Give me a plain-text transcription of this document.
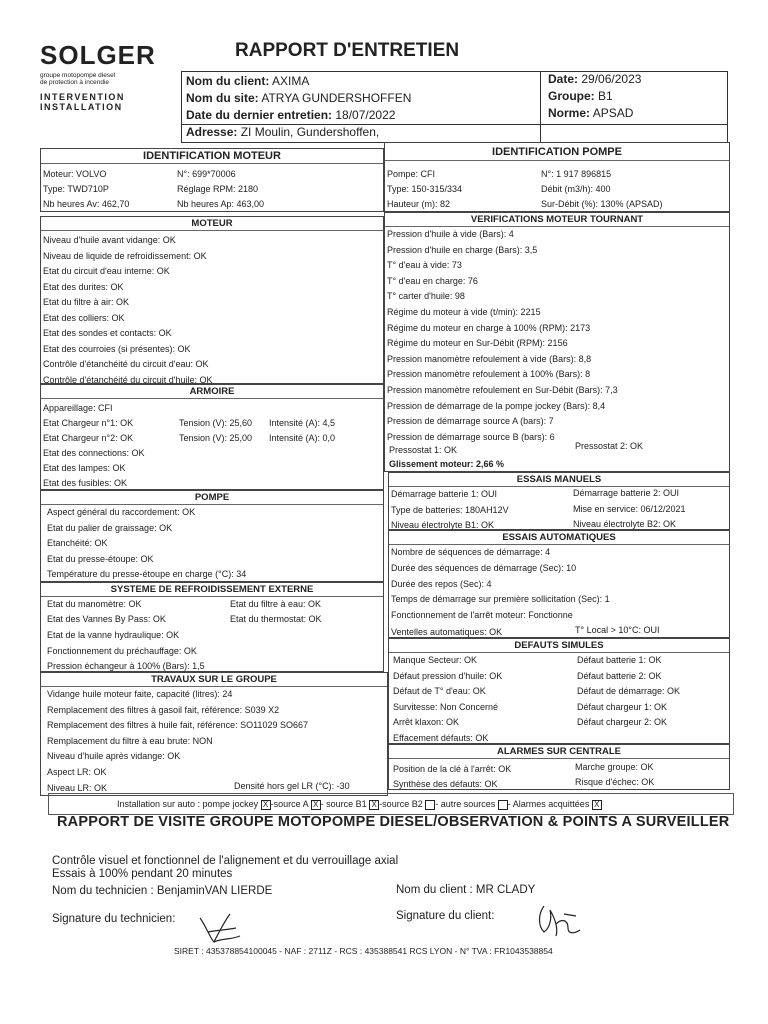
SOLGER
groupe motopompe diesel
de protection à incendie
INTERVENTION
INSTALLATION
RAPPORT D'ENTRETIEN
Nom du client: AXIMA
Nom du site: ATRYA GUNDERSHOFFEN
Date du dernier entretien: 18/07/2022
Adresse: ZI Moulin, Gundershoffen,
Date: 29/06/2023
Groupe: B1
Norme: APSAD
IDENTIFICATION MOTEUR
Moteur: VOLVO	N°: 699*70006
Type: TWD710P	Réglage RPM: 2180
Nb heures Av: 462,70	Nb heures Ap: 463,00
IDENTIFICATION POMPE
Pompe: CFI	N°: 1 917 896815
Type: 150-315/334	Débit (m3/h): 400
Hauteur (m): 82	Sur-Débit (%): 130% (APSAD)
MOTEUR
Niveau d'huile avant vidange: OK
Niveau de liquide de refroidissement: OK
Etat du circuit d'eau interne: OK
Etat des durites: OK
Etat du filtre à air: OK
Etat des colliers: OK
Etat des sondes et contacts: OK
Etat des courroies (si présentes): OK
Contrôle d'étanchéité du circuit d'eau: OK
Contrôle d'étanchéité du circuit d'huile: OK
ARMOIRE
Appareillage: CFI
Etat Chargeur n°1: OK	Tension (V): 25,60 Intensité (A): 4,5
Etat Chargeur n°2: OK	Tension (V): 25,00 Intensité (A): 0,0
Etat des connections: OK
Etat des lampes: OK
Etat des fusibles: OK
POMPE
Aspect général du raccordement: OK
Etat du palier de graissage: OK
Etanchéité: OK
Etat du presse-étoupe: OK
Température du presse-étoupe en charge (°C): 34
SYSTEME DE REFROIDISSEMENT EXTERNE
Etat du manomètre: OK	Etat du filtre à eau: OK
Etat des Vannes By Pass: OK	Etat du thermostat: OK
Etat de la vanne hydraulique: OK
Fonctionnement du préchauffage: OK
Pression échangeur à 100% (Bars): 1,5
TRAVAUX SUR LE GROUPE
Vidange huile moteur faite, capacité (litres): 24
Remplacement des filtres à gasoil fait, référence: S039 X2
Remplacement des filtres à huile fait, référence: SO11029 SO667
Remplacement du filtre à eau brute: NON
Niveau d'huile après vidange: OK
Aspect LR: OK
Niveau LR: OK	Densité hors gel LR (°C): -30
VERIFICATIONS MOTEUR TOURNANT
Pression d'huile à vide (Bars): 4
Pression d'huile en charge (Bars): 3,5
T° d'eau à vide: 73
T° d'eau en charge: 76
T° carter d'huile: 98
Régime du moteur à vide (t/min): 2215
Régime du moteur en charge à 100% (RPM): 2173
Régime du moteur en Sur-Débit (RPM): 2156
Pression manomètre refoulement à vide (Bars): 8,8
Pression manomètre refoulement à 100% (Bars): 8
Pression manomètre refoulement en Sur-Débit (Bars): 7,3
Pression de démarrage de la pompe jockey (Bars): 8,4
Pression de démarrage source A (bars): 7
Pression de démarrage source B (bars): 6
Pressostat 1: OK	Pressostat 2: OK
Glissement moteur: 2,66 %
ESSAIS MANUELS
Démarrage batterie 1: OUI	Démarrage batterie 2: OUI
Type de batteries: 180AH12V	Mise en service: 06/12/2021
Niveau électrolyte B1: OK	Niveau électrolyte B2: OK
ESSAIS AUTOMATIQUES
Nombre de séquences de démarrage: 4
Durée des séquences de démarrage (Sec): 10
Durée des repos (Sec): 4
Temps de démarrage sur première sollicitation (Sec): 1
Fonctionnement de l'arrêt moteur: Fonctionne
Ventelles automatiques: OK	T° Local > 10°C: OUI
DEFAUTS SIMULES
Manque Secteur: OK	Défaut batterie 1: OK
Défaut pression d'huile: OK	Défaut batterie 2: OK
Défaut de T° d'eau: OK	Défaut de démarrage: OK
Survitesse: Non Concerné	Défaut chargeur 1: OK
Arrêt klaxon: OK	Défaut chargeur 2: OK
Effacement défauts: OK
ALARMES SUR CENTRALE
Position de la clé à l'arrêt: OK	Marche groupe: OK
Synthèse des défauts: OK	Risque d'échec: OK
Installation sur auto : pompe jockey X -source A X - source B1 X -source B2 - autre sources - Alarmes acquittées X
RAPPORT DE VISITE GROUPE MOTOPOMPE DIESEL/OBSERVATION & POINTS A SURVEILLER
Contrôle visuel et fonctionnel de l'alignement et du verrouillage axial
Essais à 100% pendant 20 minutes
Nom du technicien : BenjaminVAN LIERDE	Nom du client : MR CLADY
Signature du technicien:	Signature du client:
SIRET : 435378854100045 - NAF : 2711Z - RCS : 435388541 RCS LYON - N° TVA : FR1043538854
